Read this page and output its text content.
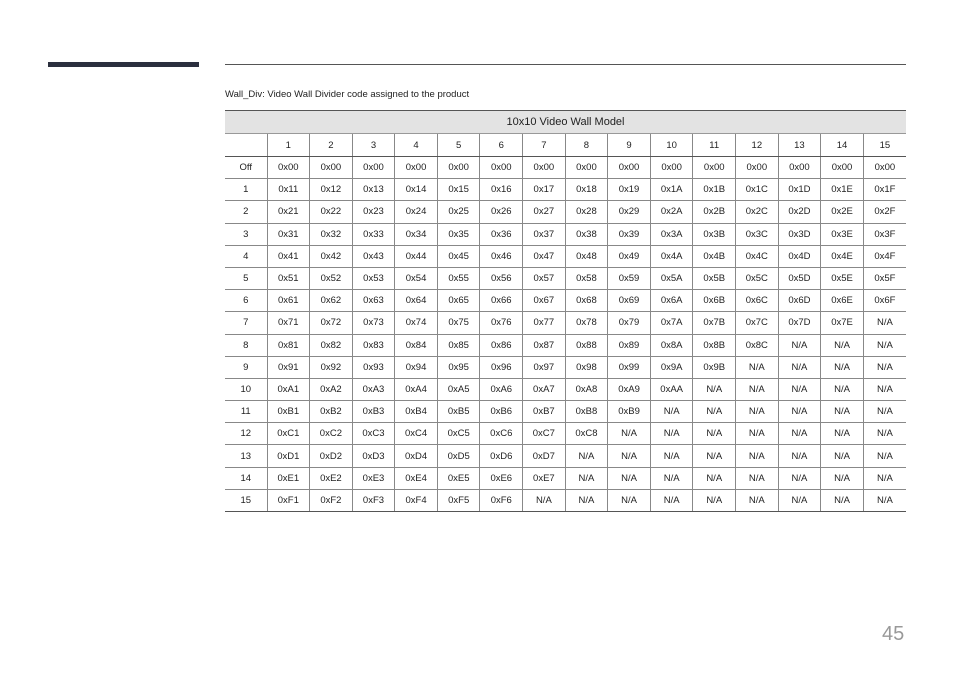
Wall_Div: Video Wall Divider code assigned to the product
10x10 Video Wall Model															
	1	2	3	4	5	6	7	8	9	10	11	12	13	14	15
Off	0x00	0x00	0x00	0x00	0x00	0x00	0x00	0x00	0x00	0x00	0x00	0x00	0x00	0x00	0x00
1	0x11	0x12	0x13	0x14	0x15	0x16	0x17	0x18	0x19	0x1A	0x1B	0x1C	0x1D	0x1E	0x1F
2	0x21	0x22	0x23	0x24	0x25	0x26	0x27	0x28	0x29	0x2A	0x2B	0x2C	0x2D	0x2E	0x2F
3	0x31	0x32	0x33	0x34	0x35	0x36	0x37	0x38	0x39	0x3A	0x3B	0x3C	0x3D	0x3E	0x3F
4	0x41	0x42	0x43	0x44	0x45	0x46	0x47	0x48	0x49	0x4A	0x4B	0x4C	0x4D	0x4E	0x4F
5	0x51	0x52	0x53	0x54	0x55	0x56	0x57	0x58	0x59	0x5A	0x5B	0x5C	0x5D	0x5E	0x5F
6	0x61	0x62	0x63	0x64	0x65	0x66	0x67	0x68	0x69	0x6A	0x6B	0x6C	0x6D	0x6E	0x6F
7	0x71	0x72	0x73	0x74	0x75	0x76	0x77	0x78	0x79	0x7A	0x7B	0x7C	0x7D	0x7E	N/A
8	0x81	0x82	0x83	0x84	0x85	0x86	0x87	0x88	0x89	0x8A	0x8B	0x8C	N/A	N/A	N/A
9	0x91	0x92	0x93	0x94	0x95	0x96	0x97	0x98	0x99	0x9A	0x9B	N/A	N/A	N/A	N/A
10	0xA1	0xA2	0xA3	0xA4	0xA5	0xA6	0xA7	0xA8	0xA9	0xAA	N/A	N/A	N/A	N/A	N/A
11	0xB1	0xB2	0xB3	0xB4	0xB5	0xB6	0xB7	0xB8	0xB9	N/A	N/A	N/A	N/A	N/A	N/A
12	0xC1	0xC2	0xC3	0xC4	0xC5	0xC6	0xC7	0xC8	N/A	N/A	N/A	N/A	N/A	N/A	N/A
13	0xD1	0xD2	0xD3	0xD4	0xD5	0xD6	0xD7	N/A	N/A	N/A	N/A	N/A	N/A	N/A	N/A
14	0xE1	0xE2	0xE3	0xE4	0xE5	0xE6	0xE7	N/A	N/A	N/A	N/A	N/A	N/A	N/A	N/A
15	0xF1	0xF2	0xF3	0xF4	0xF5	0xF6	N/A	N/A	N/A	N/A	N/A	N/A	N/A	N/A	N/A
45
